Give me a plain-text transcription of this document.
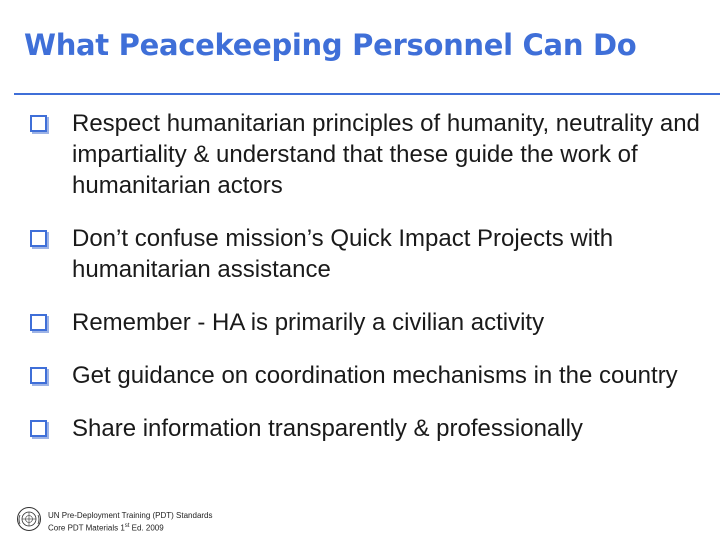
What Peacekeeping Personnel Can Do
Respect humanitarian principles of humanity, neutrality and impartiality & understand that these guide the work of humanitarian actors
Don’t confuse mission’s Quick Impact Projects with humanitarian assistance
Remember - HA is primarily a civilian activity
Get guidance on coordination mechanisms in the country
Share information transparently & professionally
UN Pre-Deployment Training (PDT) Standards
Core PDT Materials 1st Ed. 2009
